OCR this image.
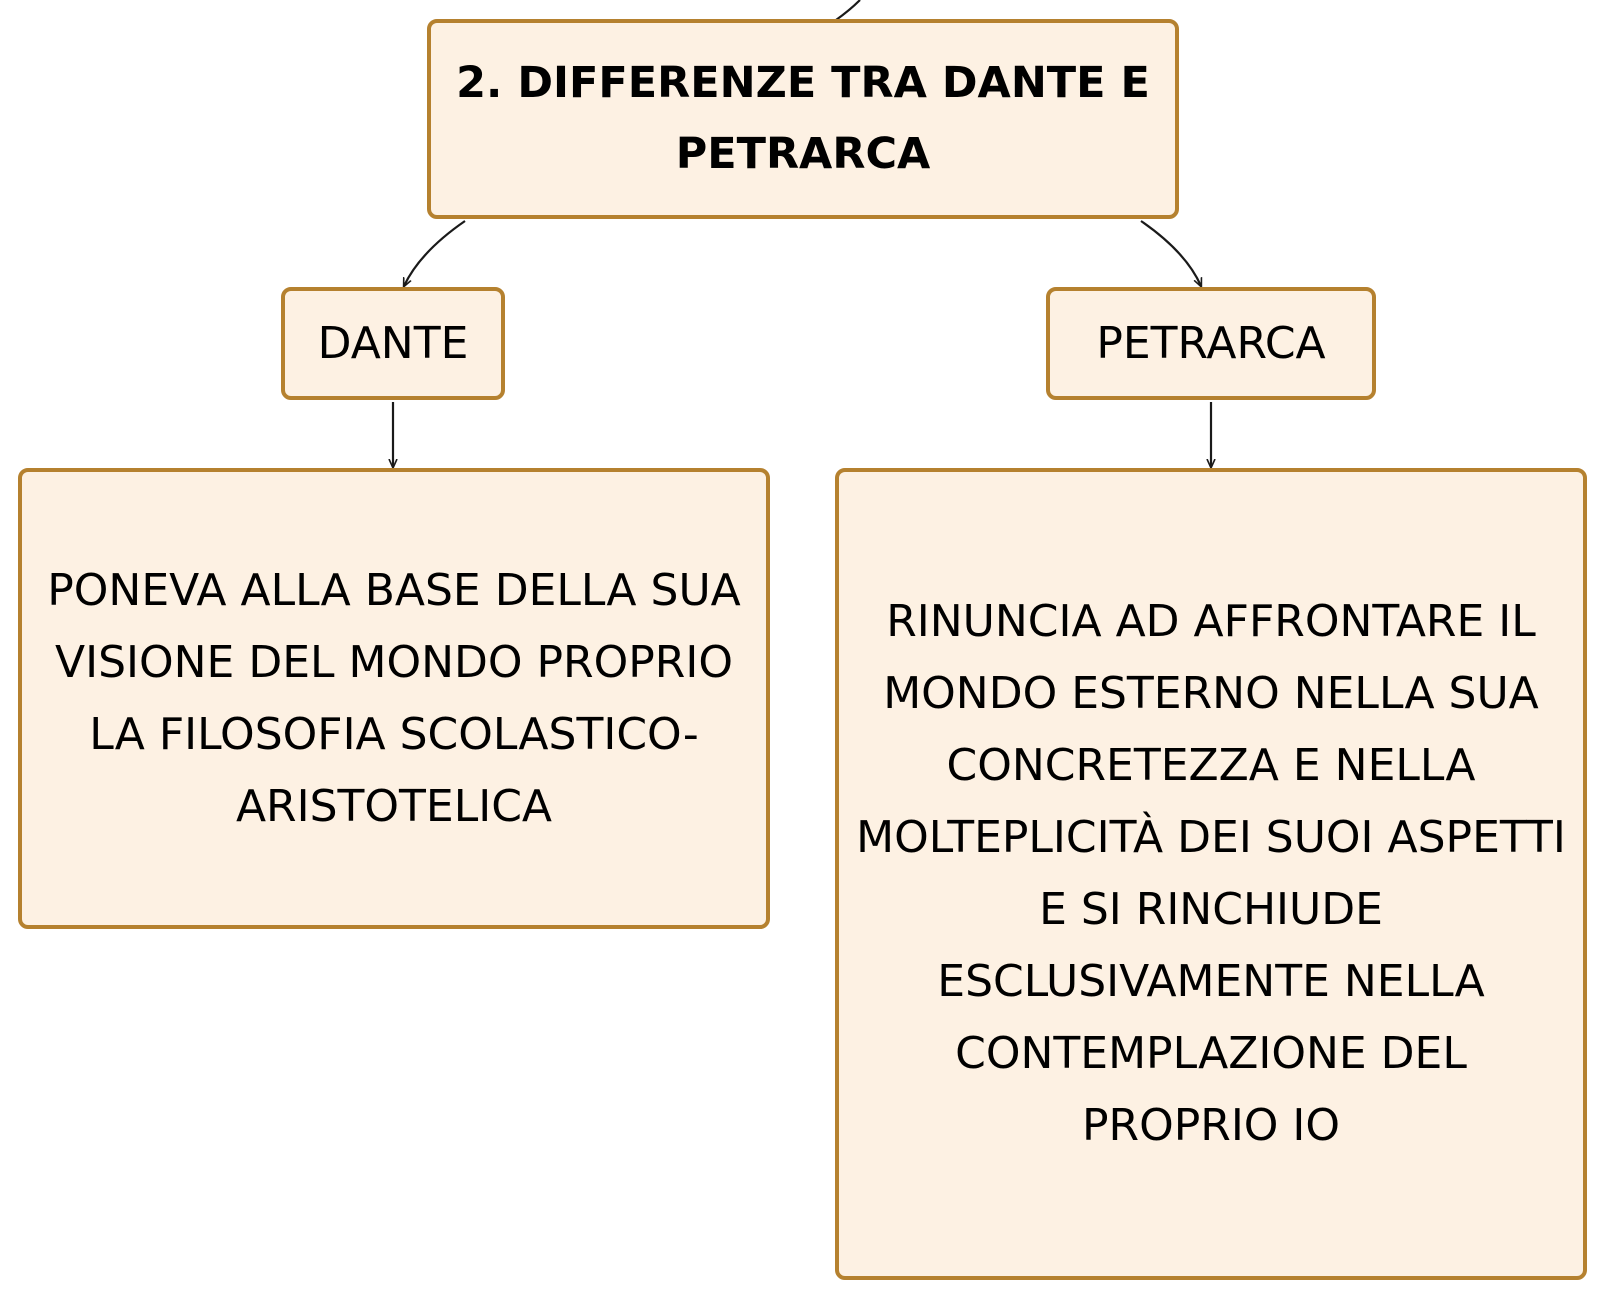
2. DIFFERENZE TRA DANTE E PETRARCA
DANTE	PETRARCA
PONEVA ALLA BASE DELLA SUA VISIONE DEL MONDO PROPRIO LA FILOSOFIA SCOLASTICO-ARISTOTELICA
RINUNCIA AD AFFRONTARE IL MONDO ESTERNO NELLA SUA CONCRETEZZA E NELLA MOLTEPLICITÀ DEI SUOI ASPETTI E SI RINCHIUDE ESCLUSIVAMENTE NELLA CONTEMPLAZIONE DEL PROPRIO IO
